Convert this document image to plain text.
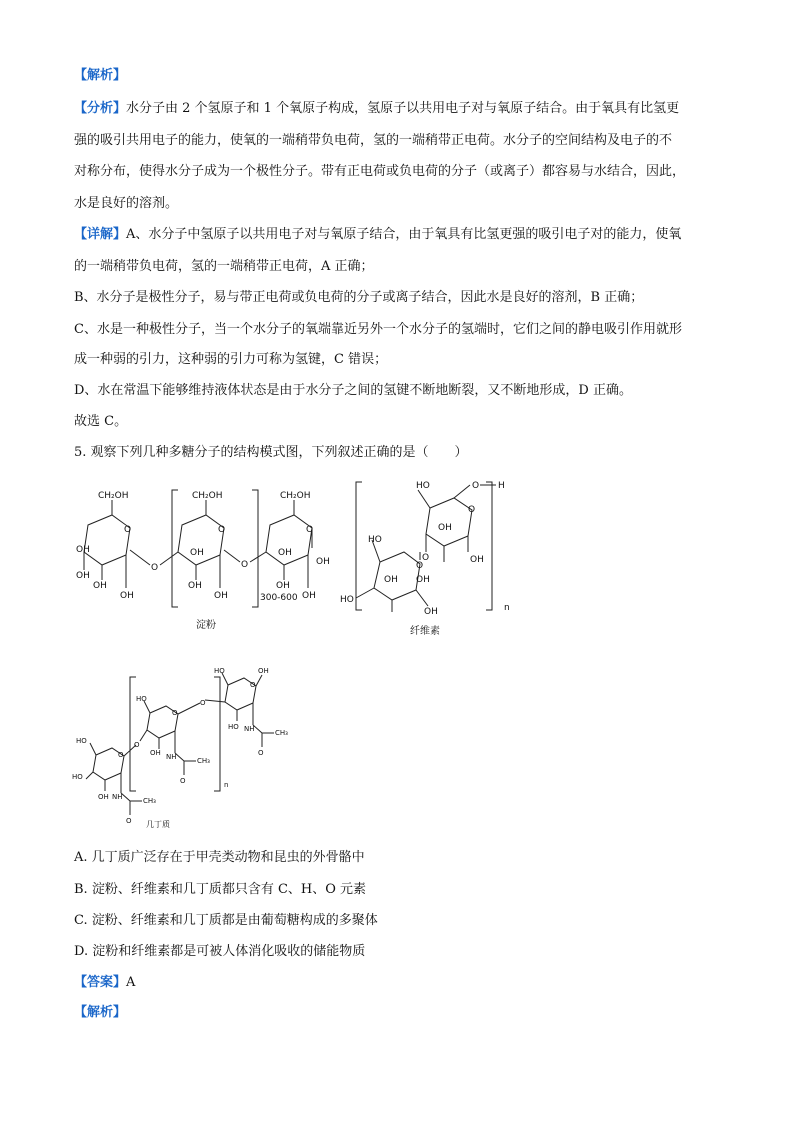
【解析】
【分析】水分子由 2 个氢原子和 1 个氧原子构成，氢原子以共用电子对与氧原子结合。由于氧具有比氢更
强的吸引共用电子的能力，使氧的一端稍带负电荷，氢的一端稍带正电荷。水分子的空间结构及电子的不
对称分布，使得水分子成为一个极性分子。带有正电荷或负电荷的分子（或离子）都容易与水结合，因此，
水是良好的溶剂。
【详解】A、水分子中氢原子以共用电子对与氧原子结合，由于氧具有比氢更强的吸引电子对的能力，使氧
的一端稍带负电荷，氢的一端稍带正电荷，A 正确；
B、水分子是极性分子，易与带正电荷或负电荷的分子或离子结合，因此水是良好的溶剂，B 正确；
C、水是一种极性分子，当一个水分子的氧端靠近另外一个水分子的氢端时，它们之间的静电吸引作用就形
成一种弱的引力，这种弱的引力可称为氢键，C 错误；
D、水在常温下能够维持液体状态是由于水分子之间的氢键不断地断裂，又不断地形成，D 正确。
故选 C。
5. 观察下列几种多糖分子的结构模式图，下列叙述正确的是（　　）
CH₂OH	CH₂OH	CH₂OH
O	O	O
O	O
OH
OH
OH
OH
OH
OH
OH
OH
OH
OH
OH
300-600
H
O
O
O
O
HO
OH
OH
HO
OH OH
HO
OH	n
淀粉
纤维素
HO
HO
OH
O
O
NH
O
CH₃
HO
O
OH NH
O
CH₃
O
HO
O
OH
HO NH
O
CH₃
n
几丁质
A. 几丁质广泛存在于甲壳类动物和昆虫的外骨骼中
B. 淀粉、纤维素和几丁质都只含有 C、H、O 元素
C. 淀粉、纤维素和几丁质都是由葡萄糖构成的多聚体
D. 淀粉和纤维素都是可被人体消化吸收的储能物质
【答案】A
【解析】
